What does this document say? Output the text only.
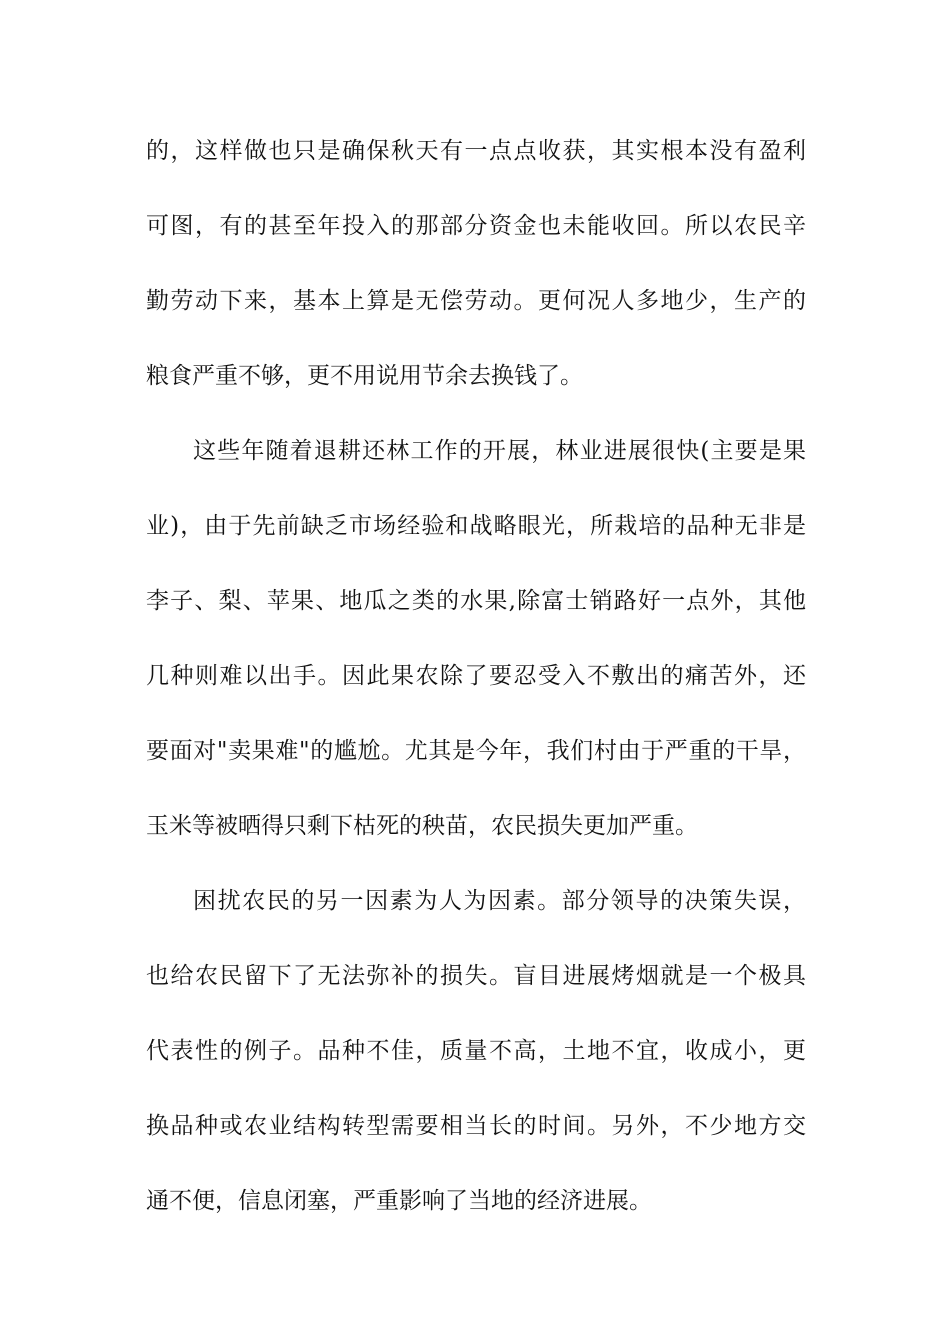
的，这样做也只是确保秋天有一点点收获，其实根本没有盈利
可图，有的甚至年投入的那部分资金也未能收回。所以农民辛
勤劳动下来，基本上算是无偿劳动。更何况人多地少，生产的
粮食严重不够，更不用说用节余去换钱了。
这些年随着退耕还林工作的开展，林业进展很快(主要是果
业)，由于先前缺乏市场经验和战略眼光，所栽培的品种无非是
李子、梨、苹果、地瓜之类的水果,除富士销路好一点外，其他
几种则难以出手。因此果农除了要忍受入不敷出的痛苦外，还
要面对"卖果难"的尴尬。尤其是今年，我们村由于严重的干旱，
玉米等被晒得只剩下枯死的秧苗，农民损失更加严重。
困扰农民的另一因素为人为因素。部分领导的决策失误，
也给农民留下了无法弥补的损失。盲目进展烤烟就是一个极具
代表性的例子。品种不佳，质量不高，土地不宜，收成小，更
换品种或农业结构转型需要相当长的时间。另外，不少地方交
通不便，信息闭塞，严重影响了当地的经济进展。
